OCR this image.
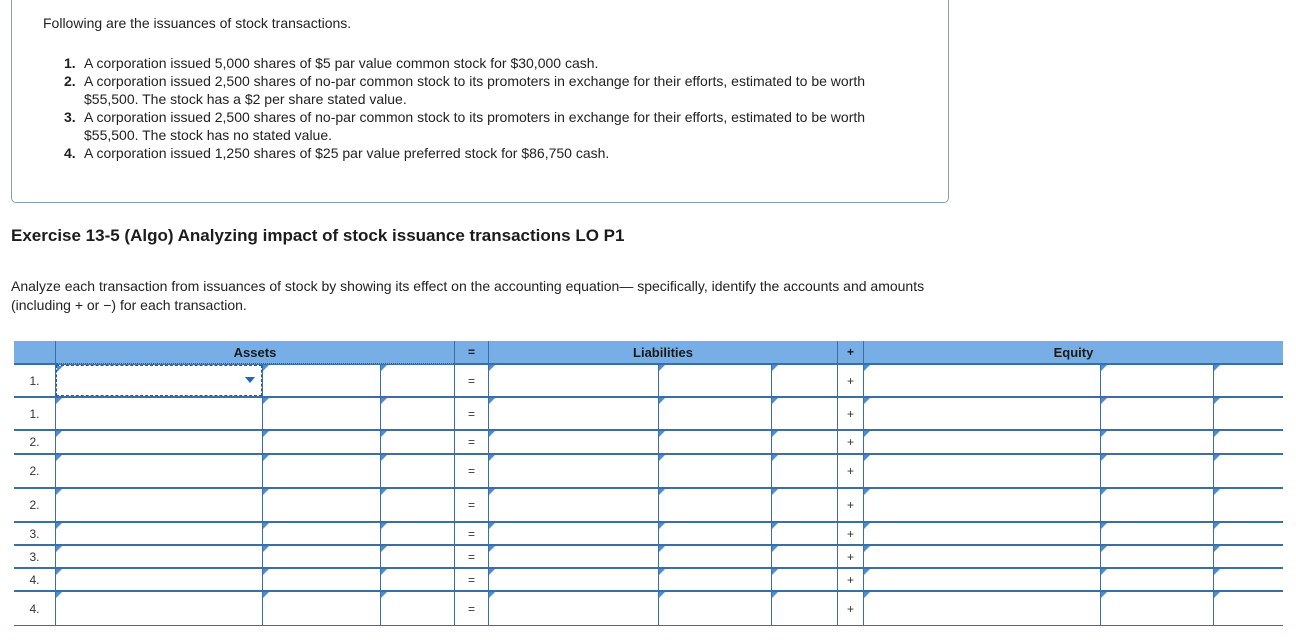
Following are the issuances of stock transactions.
1. A corporation issued 5,000 shares of $5 par value common stock for $30,000 cash.
2. A corporation issued 2,500 shares of no-par common stock to its promoters in exchange for their efforts, estimated to be worth $55,500. The stock has a $2 per share stated value.
3. A corporation issued 2,500 shares of no-par common stock to its promoters in exchange for their efforts, estimated to be worth $55,500. The stock has no stated value.
4. A corporation issued 1,250 shares of $25 par value preferred stock for $86,750 cash.
Exercise 13-5 (Algo) Analyzing impact of stock issuance transactions LO P1
Analyze each transaction from issuances of stock by showing its effect on the accounting equation— specifically, identify the accounts and amounts (including + or −) for each transaction.
Assets	=	Liabilities	+	Equity
1.	=	+
1.	=	+
2.	=	+
2.	=	+
2.	=	+
3.	=	+
3.	=	+
4.	=	+
4.	=	+
